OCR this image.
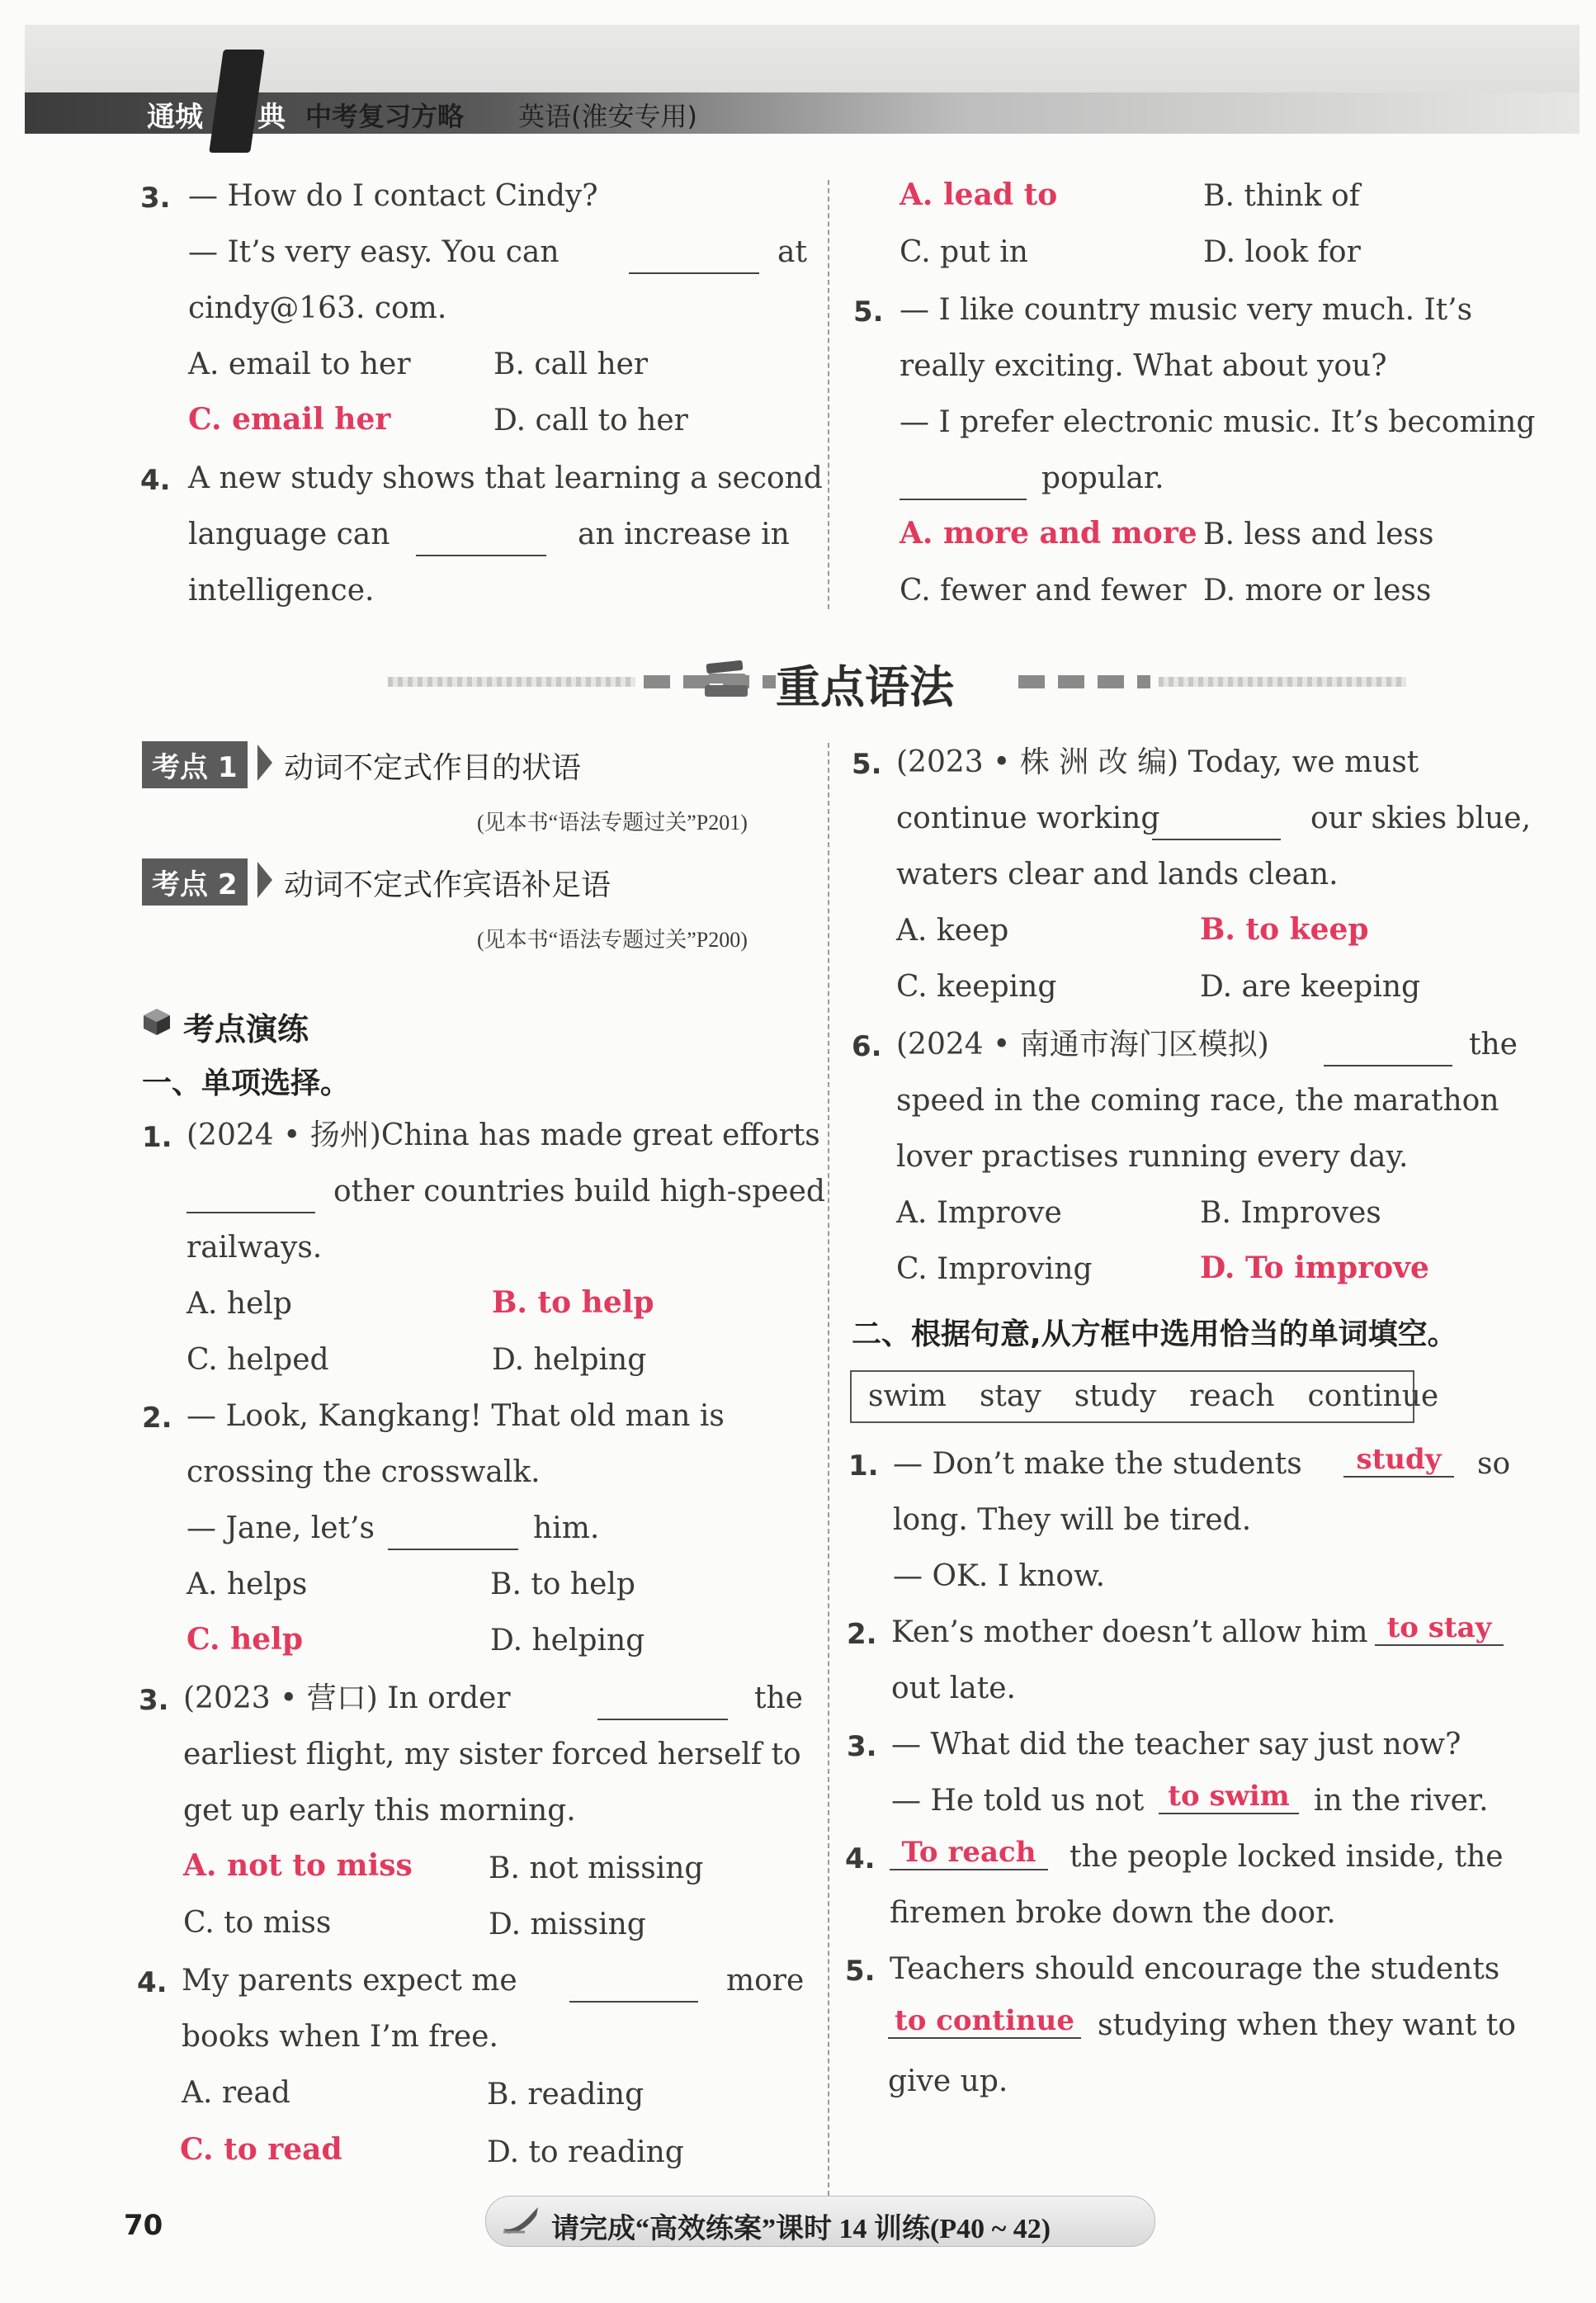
通城 典 中考复习方略 英语(淮安专用)
3. — How do I contact Cindy?
— It’s very easy. You can	at
cindy@163. com.
A. email to her	B. call her
C. email her	D. call to her
4. A new study shows that learning a second
language can	an increase in
intelligence.
A. lead to	B. think of
C. put in	D. look for
5. — I like country music very much. It’s
really exciting. What about you?
— I prefer electronic music. It’s becoming
popular.
A. more and more B. less and less
C. fewer and fewer D. more or less
重点语法
考点 1	动词不定式作目的状语
(见本书“语法专题过关”P201)
考点 2	动词不定式作宾语补足语
(见本书“语法专题过关”P200)
考点演练
一、单项选择。
1. (2024 • 扬州)China has made great efforts
other countries build high-speed
railways.
A. help	B. to help
C. helped	D. helping
2. — Look, Kangkang! That old man is
crossing the crosswalk.
— Jane, let’s	him.
A. helps	B. to help
C. help	D. helping
3. (2023 • 营口) In order	the
earliest flight, my sister forced herself to
get up early this morning.
A. not to miss	B. not missing
C. to miss	D. missing
4. My parents expect me	more
books when I’m free.
A. read	B. reading
C. to read	D. to reading
5. (2023 • 株 洲 改 编) Today, we must
continue working	our skies blue,
waters clear and lands clean.
A. keep	B. to keep
C. keeping	D. are keeping
6. (2024 • 南通市海门区模拟)	the
speed in the coming race, the marathon
lover practises running every day.
A. Improve	B. Improves
C. Improving	D. To improve
二、根据句意,从方框中选用恰当的单词填空。
swim stay study reach continue
1. — Don’t make the students	study	so
long. They will be tired.
— OK. I know.
2. Ken’s mother doesn’t allow him to stay
out late.
3. — What did the teacher say just now?
— He told us not to swim in the river.
4. To reach	the people locked inside, the
firemen broke down the door.
5. Teachers should encourage the students
to continue studying when they want to
give up.
70	请完成“高效练案”课时 14 训练(P40 ~ 42)
